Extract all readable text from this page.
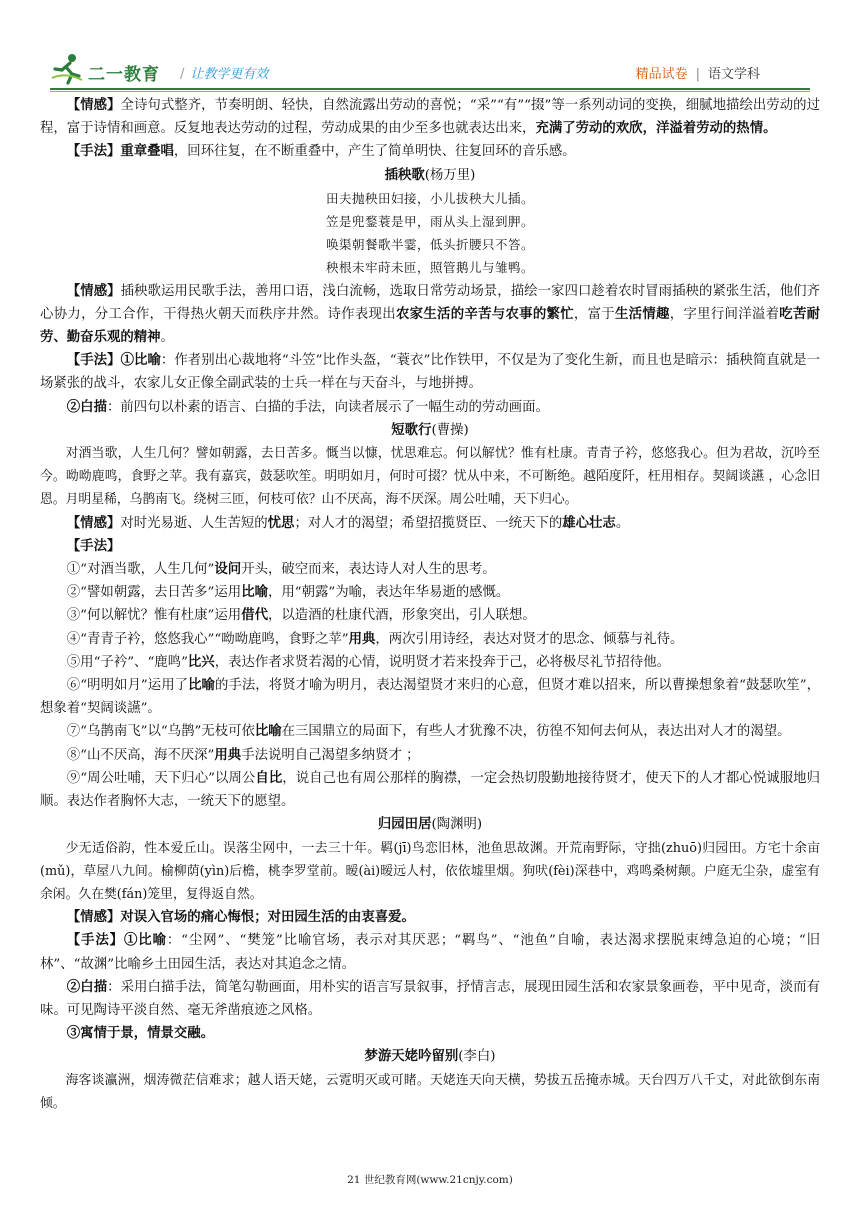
二一教育 / 让教学更有效	精品试卷 | 语文学科

【情感】全诗句式整齐，节奏明朗、轻快，自然流露出劳动的喜悦；“采”“有”“掇”等一系列动词的变换，细腻地描绘出劳动的过程，富于诗情和画意。反复地表达劳动的过程，劳动成果的由少至多也就表达出来，充满了劳动的欢欣，洋溢着劳动的热情。

【手法】重章叠唱，回环往复，在不断重叠中，产生了简单明快、往复回环的音乐感。

插秧歌(杨万里)

田夫抛秧田妇接，小儿拔秧大儿插。

笠是兜鍪蓑是甲，雨从头上湿到胛。

唤渠朝餐歌半霎，低头折腰只不答。

秧根未牢莳未匝，照管鹅儿与雏鸭。

【情感】插秧歌运用民歌手法，善用口语，浅白流畅，选取日常劳动场景，描绘一家四口趁着农时冒雨插秧的紧张生活，他们齐心协力，分工合作，干得热火朝天而秩序井然。诗作表现出农家生活的辛苦与农事的繁忙，富于生活情趣，字里行间洋溢着吃苦耐劳、勤奋乐观的精神。

【手法】①比喻：作者别出心裁地将“斗笠”比作头盔，“蓑衣”比作铁甲，不仅是为了变化生新，而且也是暗示：插秧简直就是一场紧张的战斗，农家儿女正像全副武装的士兵一样在与天奋斗，与地拼搏。

②白描：前四句以朴素的语言、白描的手法，向读者展示了一幅生动的劳动画面。

短歌行(曹操)

对酒当歌，人生几何？譬如朝露，去日苦多。慨当以慷，忧思难忘。何以解忧？惟有杜康。青青子衿，悠悠我心。但为君故，沉吟至今。呦呦鹿鸣，食野之苹。我有嘉宾，鼓瑟吹笙。明明如月，何时可掇？忧从中来，不可断绝。越陌度阡，枉用相存。契阔谈讌 ，心念旧恩。月明星稀，乌鹊南飞。绕树三匝，何枝可依？山不厌高，海不厌深。周公吐哺，天下归心。

【情感】对时光易逝、人生苦短的忧思；对人才的渴望；希望招揽贤臣、一统天下的雄心壮志。

【手法】

①“对酒当歌，人生几何”设问开头，破空而来，表达诗人对人生的思考。

②“譬如朝露，去日苦多”运用比喻，用“朝露”为喻，表达年华易逝的感慨。

③“何以解忧？惟有杜康”运用借代，以造酒的杜康代酒，形象突出，引人联想。

④“青青子衿，悠悠我心”“呦呦鹿鸣，食野之苹”用典，两次引用诗经，表达对贤才的思念、倾慕与礼待。

⑤用“子衿”、“鹿鸣”比兴，表达作者求贤若渴的心情，说明贤才若来投奔于己，必将极尽礼节招待他。

⑥“明明如月”运用了比喻的手法，将贤才喻为明月，表达渴望贤才来归的心意，但贤才难以招来，所以曹操想象着“鼓瑟吹笙”，想象着“契阔谈讌”。

⑦“乌鹊南飞”以“乌鹊”无枝可依比喻在三国鼎立的局面下，有些人才犹豫不决，彷徨不知何去何从，表达出对人才的渴望。

⑧“山不厌高，海不厌深”用典手法说明自己渴望多纳贤才 ；

⑨“周公吐哺，天下归心”以周公自比，说自己也有周公那样的胸襟，一定会热切殷勤地接待贤才，使天下的人才都心悦诚服地归顺。表达作者胸怀大志，一统天下的愿望。

归园田居(陶渊明)

少无适俗韵，性本爱丘山。误落尘网中，一去三十年。羁(jī)鸟恋旧林，池鱼思故渊。开荒南野际，守拙(zhuō)归园田。方宅十余亩(mǔ)，草屋八九间。榆柳荫(yìn)后檐，桃李罗堂前。暧(ài)暧远人村，依依墟里烟。狗吠(fèi)深巷中，鸡鸣桑树颠。户庭无尘杂，虚室有余闲。久在樊(fán)笼里，复得返自然。

【情感】对误入官场的痛心悔恨；对田园生活的由衷喜爱。

【手法】①比喻：“尘网”、“樊笼”比喻官场，表示对其厌恶；“羁鸟”、“池鱼”自喻，表达渴求摆脱束缚急迫的心境；“旧林”、“故渊”比喻乡土田园生活，表达对其追念之情。

②白描：采用白描手法，简笔勾勒画面，用朴实的语言写景叙事，抒情言志，展现田园生活和农家景象画卷，平中见奇，淡而有味。可见陶诗平淡自然、毫无斧凿痕迹之风格。

③寓情于景，情景交融。

梦游天姥吟留别(李白)

海客谈瀛洲，烟涛微茫信难求；越人语天姥，云霓明灭或可睹。天姥连天向天横，势拔五岳掩赤城。天台四万八千丈，对此欲倒东南倾。

21 世纪教育网(www.21cnjy.com)
